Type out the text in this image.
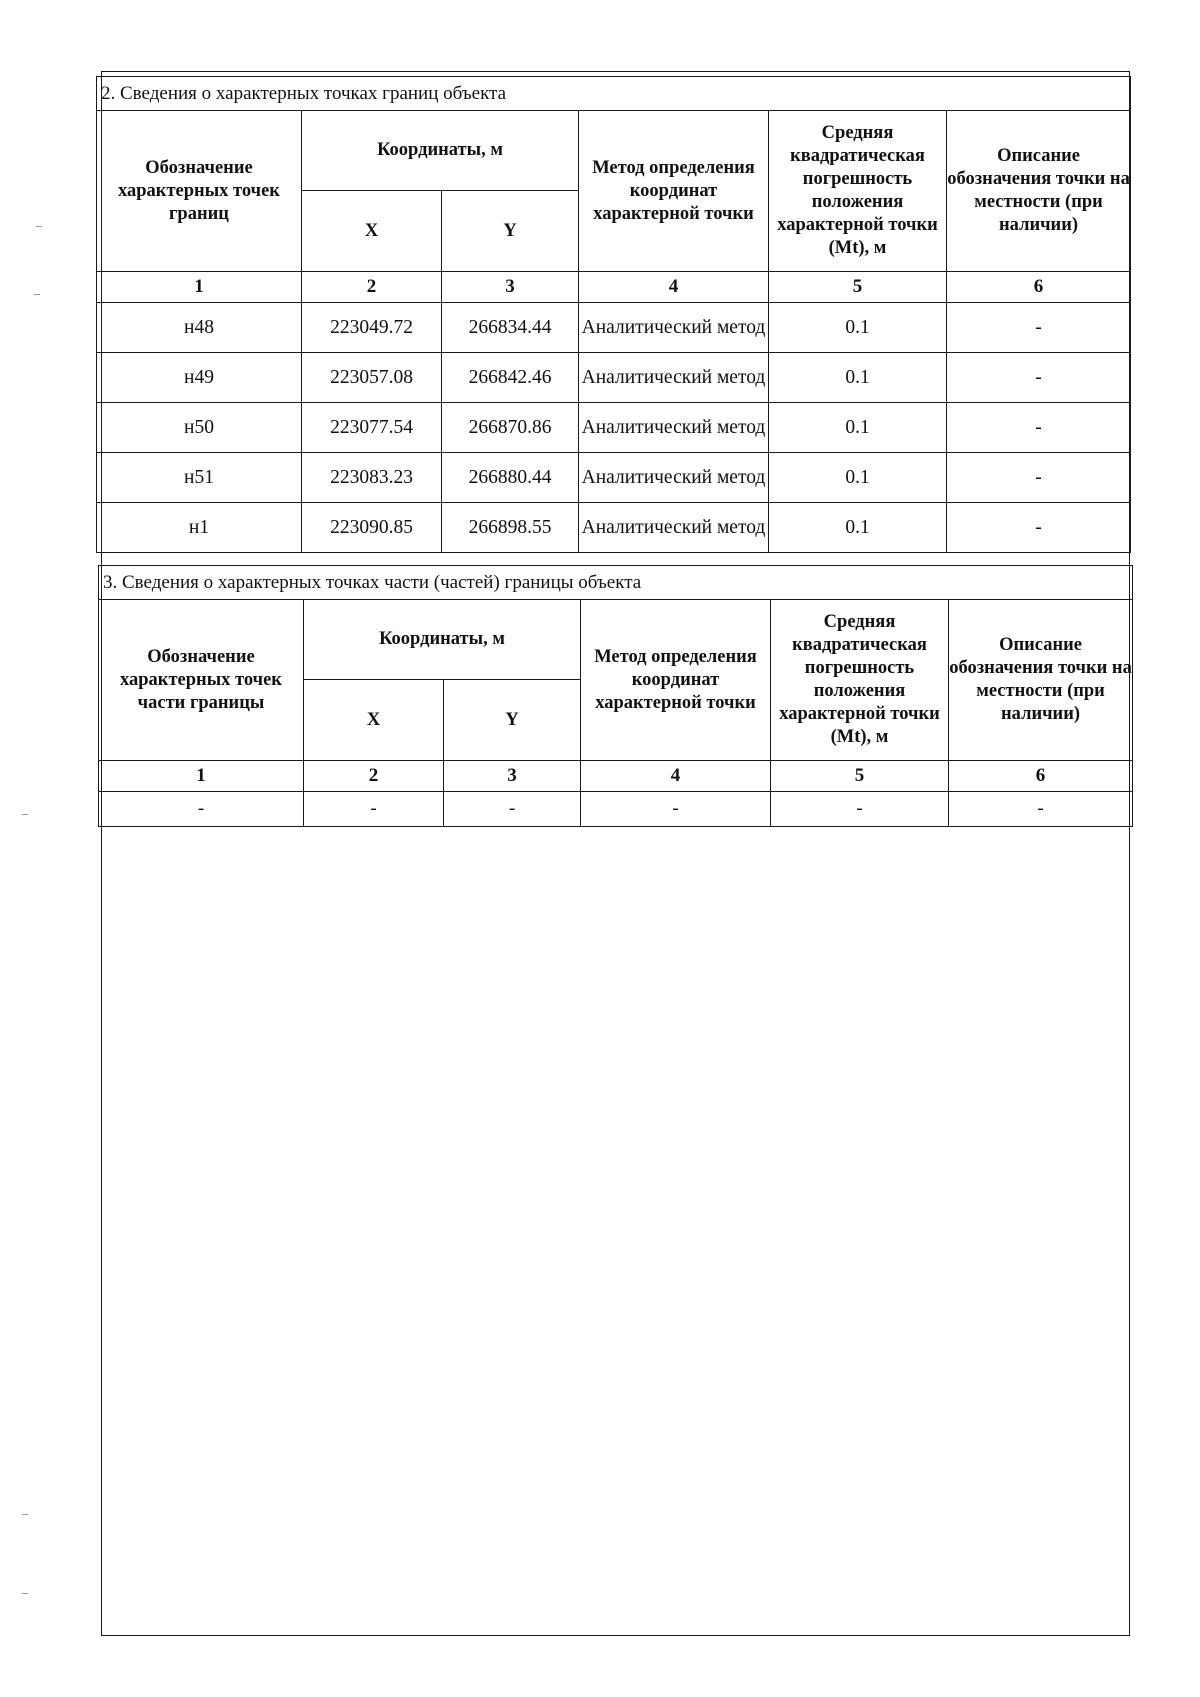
2. Сведения о характерных точках границ объекта					
Обозначение характерных точек границ	Координаты, м		Метод определения координат характерной точки	Средняя квадратическая погрешность положения характерной точки (Mt), м	Описание обозначения точки на местности (при наличии)
	X	Y			
1	2	3	4	5	6
н48	223049.72	266834.44	Аналитический метод	0.1	-
н49	223057.08	266842.46	Аналитический метод	0.1	-
н50	223077.54	266870.86	Аналитический метод	0.1	-
н51	223083.23	266880.44	Аналитический метод	0.1	-
н1	223090.85	266898.55	Аналитический метод	0.1	-
3. Сведения о характерных точках части (частей) границы объекта					
Обозначение характерных точек части границы	Координаты, м		Метод определения координат характерной точки	Средняя квадратическая погрешность положения характерной точки (Mt), м	Описание обозначения точки на местности (при наличии)
	X	Y			
1	2	3	4	5	6
-	-	-	-	-	-
